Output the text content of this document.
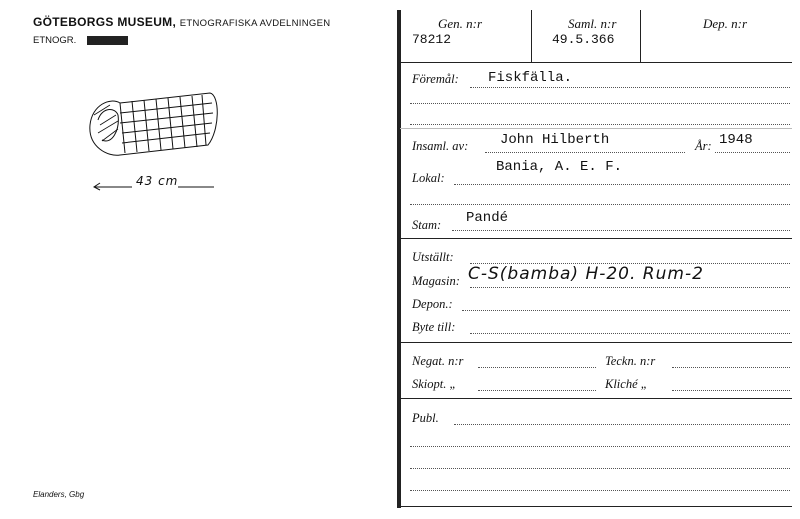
GÖTEBORGS MUSEUM, ETNOGRAFISKA AVDELNINGEN
ETNOGR. MUSEUM
43 cm
Elanders, Gbg
Gen. n:r
78212
Saml. n:r
49.5.366
Dep. n:r
Föremål: Fiskfälla.
Insaml. av: John Hilberth	År: 1948
Lokal:
Bania, A. E. F.
Stam: Pandé
Utställt:
Magasin: C-S(bamba) H-20. Rum-2
Depon.:
Byte till:
Negat. n:r	Teckn. n:r
Skiopt. „	Kliché „
Publ.
